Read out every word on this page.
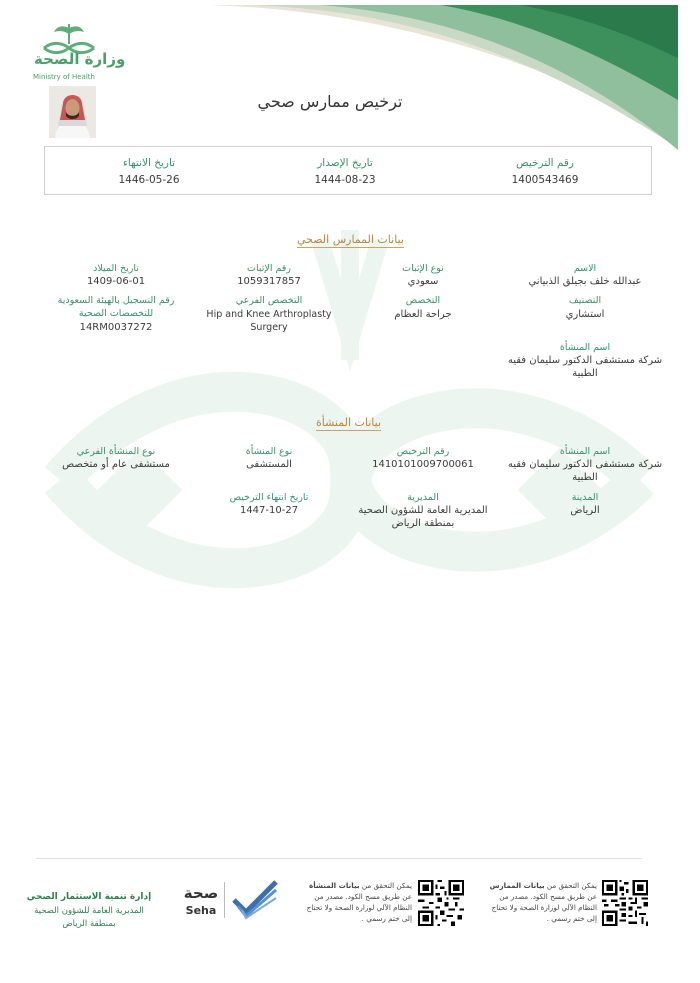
وزارة الصحة
Ministry of Health
ترخيص ممارس صحي
رقم الترخيص
1400543469
تاريخ الإصدار
1444-08-23
تاريخ الانتهاء
1446-05-26
بيانات الممارس الصحي
الاسم
عبدالله خلف بجيلق الذبياني
نوع الإثبات
سعودي
رقم الإثبات
1059317857
تاريخ الميلاد
1409-06-01
التصنيف
استشاري
التخصص
جراحة العظام
التخصص الفرعي
Hip and Knee Arthroplasty
Surgery
رقم التسجيل بالهيئة السعودية
للتخصصات الصحية
14RM0037272
اسم المنشأة
شركة مستشفى الدكتور سليمان فقيه
الطبية
بيانات المنشأة
اسم المنشأة
شركة مستشفى الدكتور سليمان فقيه
الطبية
رقم الترخيص
1410101009700061
نوع المنشأة
المستشفى
نوع المنشأة الفرعي
مستشفى عام أو متخصص
المدينة
الرياض
المديرية
المديرية العامة للشؤون الصحية
بمنطقة الرياض
تاريخ انتهاء الترخيص
1447-10-27
يمكن التحقق من بيانات الممارس
عن طريق مسح الكود. مصدر من
النظام الآلي لوزارة الصحة ولا تحتاج
إلى ختم رسمي .
يمكن التحقق من بيانات المنشأة
عن طريق مسح الكود. مصدر من
النظام الآلي لوزارة الصحة ولا تحتاج
إلى ختم رسمي .
صحة
Seha
إدارة تنمية الاستثمار الصحي
المديرية العامة للشؤون الصحية
بمنطقة الرياض
